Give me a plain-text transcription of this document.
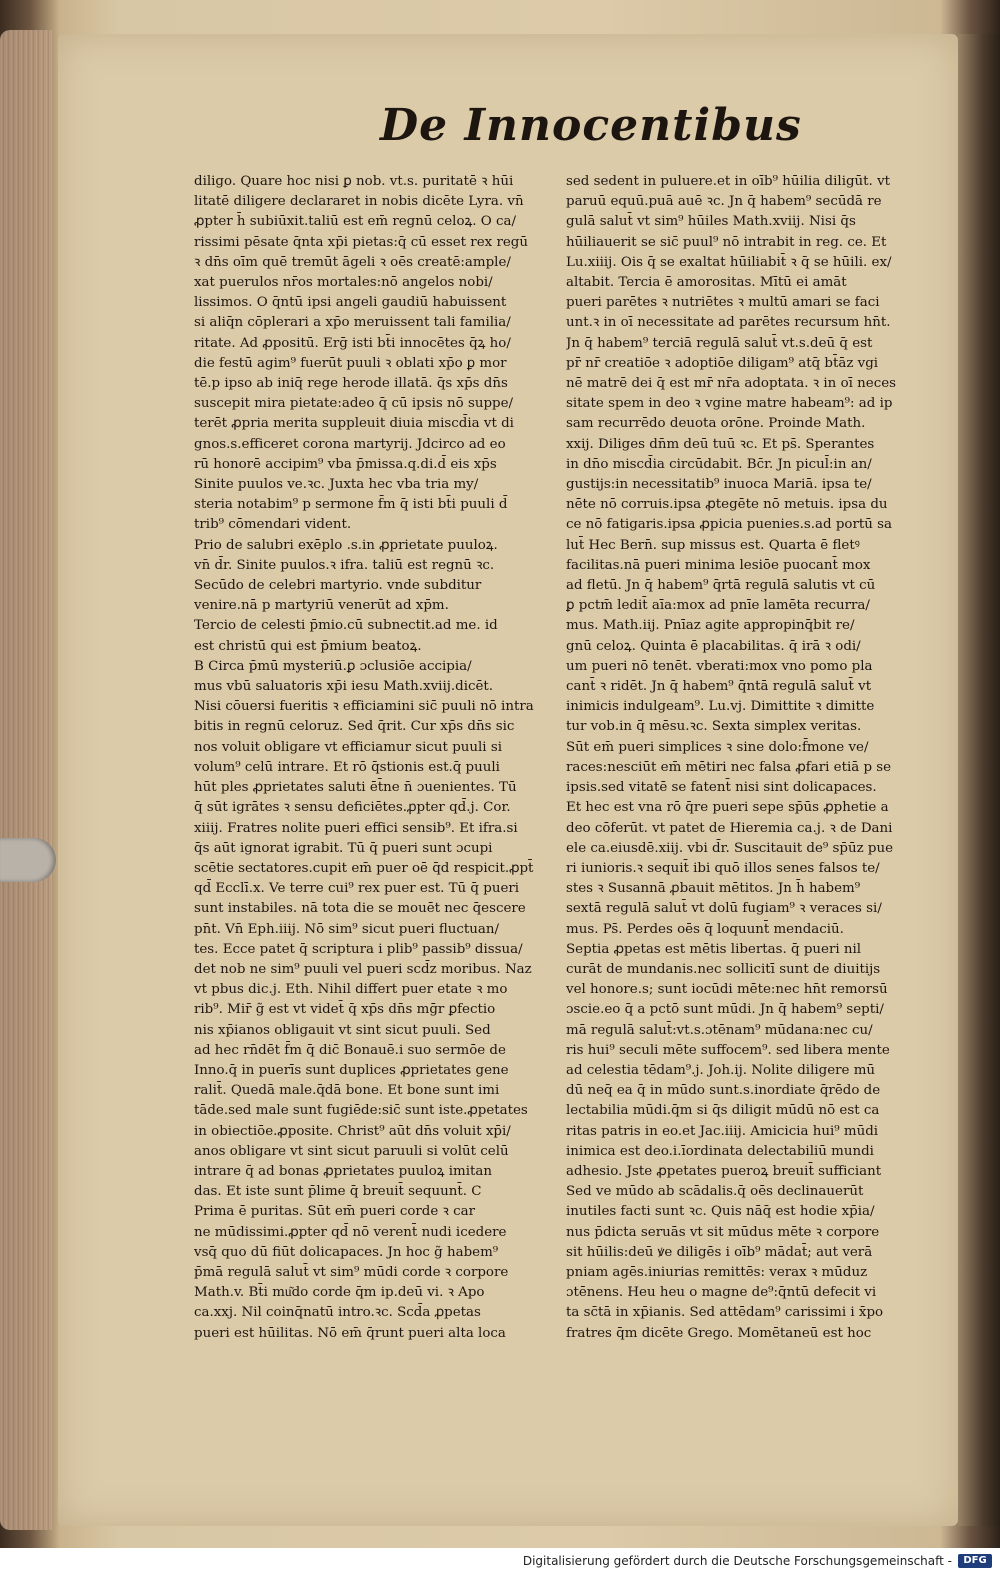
De Innocentibus
diligo. Quare hoc nisi ꝑ nob. vt.s. puritatē ꝛ hūi
litatē diligere declararet in nobis dicēte Lyra. vn̄
ꝓpter h̄ subiūxit.taliū est em̄ regnū celoꝝ. O ca/
rissimi pēsate q̄nta xp̄i pietas:q̄ cū esset rex regū
ꝛ dn̄s oīm quē tremūt āgeli ꝛ oēs creatē:ample/
xat puerulos nr̄os mortales:nō angelos nobi/
lissimos. O q̄ntū ipsi angeli gaudiū habuissent
si aliq̄n cōplerari a xp̄o meruissent tali familia/
ritate. Ad ꝓpositū. Erḡ isti bt̄i innocētes q̄ꝝ ho/
die festū agim⁹ fuerūt puuli ꝛ oblati xp̄o ꝑ mor
tē.p ipso ab iniq̄ rege herode illatā. q̄s xp̄s dn̄s
suscepit mira pietate:adeo q̄ cū ipsis nō suppe/
terēt ꝓpria merita suppleuit diuia miscd̄ia vt di
gnos.s.efficeret corona martyrij. Jdcirco ad eo
rū honorē accipim⁹ vba p̄missa.q.di.d̄ eis xp̄s
Sinite puulos ve.ꝛc. Juxta hec vba tria my/
steria notabim⁹ p sermone f̄m q̄ isti bt̄i puuli d̄
trib⁹ cōmendari vident.
Prio de salubri exēplo .s.in ꝓprietate puuloꝝ.
vn̄ d̄r. Sinite puulos.ꝛ ifra. taliū est regnū ꝛc.
Secūdo de celebri martyrio. vnde subditur
venire.nā p martyriū venerūt ad xp̄m.
Tercio de celesti p̄mio.cū subnectit.ad me. id
est christū qui est p̄mium beatoꝝ.
B Circa p̄mū mysteriū.ꝑ ɔclusiōe accipia/
mus vbū saluatoris xp̄i iesu Math.xviij.dicēt.
Nisi cōuersi fueritis ꝛ efficiamini sic̄ puuli nō intra
bitis in regnū celoruz. Sed q̄rit. Cur xp̄s dn̄s sic
nos voluit obligare vt efficiamur sicut puuli si
volum⁹ celū intrare. Et rō q̄stionis est.q̄ puuli
hūt ples ꝓprietates saluti ēt̄ne n̄ ɔuenientes. Tū
q̄ sūt igrātes ꝛ sensu deficiētes.ꝓpter qd̄.j. Cor.
xiiij. Fratres nolite pueri effici sensib⁹. Et ifra.si
q̄s aūt ignorat igrabit. Tū q̄ pueri sunt ɔcupi
scētie sectatores.cupit em̄ puer oē q̄d respicit.ꝓpt̄
qd̄ Ecclī.x. Ve terre cui⁹ rex puer est. Tū q̄ pueri
sunt instabiles. nā tota die se mouēt nec q̄escere
pn̄t. Vn̄ Eph.iiij. Nō sim⁹ sicut pueri fluctuan/
tes. Ecce patet q̄ scriptura i plib⁹ passib⁹ dissua/
det nob ne sim⁹ puuli vel pueri scd̄z moribus. Naz
vt pbus dic.j. Eth. Nihil differt puer etate ꝛ mo
rib⁹. Mir̄ g̃ est vt videt̄ q̄ xp̄s dn̄s mḡr ꝑfectio
nis xp̄ianos obligauit vt sint sicut puuli. Sed
ad hec rn̄dēt f̄m q̄ dic̄ Bonauē.i suo sermōe de
Inno.q̄ in puerīs sunt duplices ꝓprietates gene
ralit̄. Quedā male.q̄dā bone. Et bone sunt imi
tāde.sed male sunt fugiēde:sic̄ sunt iste.ꝓpetates
in obiectiōe.ꝓposite. Christ⁹ aūt dn̄s voluit xp̄i/
anos obligare vt sint sicut paruuli si volūt celū
intrare q̄ ad bonas ꝓprietates puuloꝝ imitan
das. Et iste sunt p̄lime q̄ breuit̄ sequunt̄. C
Prima ē puritas. Sūt em̄ pueri corde ꝛ car
ne mūdissimi.ꝓpter qd̄ nō verent̄ nudi icedere
vsq̄ quo dū fiūt dolicapaces. Jn hoc g̃ habem⁹
p̄mā regulā salut̄ vt sim⁹ mūdi corde ꝛ corpore
Math.v. Bt̄i mu͂do corde q̄m ip.deū vi. ꝛ Apo
ca.xxj. Nil coinq̄natū intro.ꝛc. Scd̄a ꝓpetas
pueri est hūilitas. Nō em̄ q̄runt pueri alta loca
sed sedent in puluere.et in oīb⁹ hūilia diligūt. vt
paruū equū.puā auē ꝛc. Jn q̄ habem⁹ secūdā re
gulā salut̄ vt sim⁹ hūiles Math.xviij. Nisi q̄s
hūiliauerit se sic̄ puul⁹ nō intrabit in reg. ce. Et
Lu.xiiij. Ois q̄ se exaltat hūiliabit̄ ꝛ q̄ se hūili. ex/
altabit. Tercia ē amorositas. Mītū ei amāt
pueri parētes ꝛ nutriētes ꝛ multū amari se faci
unt.ꝛ in oī necessitate ad parētes recursum hn̄t.
Jn q̄ habem⁹ terciā regulā salut̄ vt.s.deū q̄ est
pr̄ nr̄ creatiōe ꝛ adoptiōe diligam⁹ atq̄ bt̄āz vgi
nē matrē dei q̄ est mr̄ nr̄a adoptata. ꝛ in oī neces
sitate spem in deo ꝛ vgine matre habeam⁹: ad ip
sam recurrēdo deuota orōne. Proinde Math.
xxij. Diliges dn̄m deū tuū ꝛc. Et ps̄. Sperantes
in dn̄o miscd̄ia circūdabit. Bc̄r. Jn picul̄:in an/
gustijs:in necessitatib⁹ inuoca Mariā. ipsa te/
nēte nō corruis.ipsa ꝓtegēte nō metuis. ipsa du
ce nō fatigaris.ipsa ꝓpicia puenies.s.ad portū sa
lut̄ Hec Bern̄. sup missus est. Quarta ē fletꝰ
facilitas.nā pueri minima lesiōe puocant̄ mox
ad fletū. Jn q̄ habem⁹ q̄rtā regulā salutis vt cū
ꝑ pctm̄ ledit̄ aīa:mox ad pnīe lamēta recurra/
mus. Math.iij. Pnīaz agite appropinq̄bit re/
gnū celoꝝ. Quinta ē placabilitas. q̄ irā ꝛ odi/
um pueri nō tenēt. vberati:mox vno pomo pla
cant̄ ꝛ ridēt. Jn q̄ habem⁹ q̄ntā regulā salut̄ vt
inimicis indulgeam⁹. Lu.vj. Dimittite ꝛ dimitte
tur vob.in q̄ mēsu.ꝛc. Sexta simplex veritas.
Sūt em̄ pueri simplices ꝛ sine dolo:f̄mone ve/
races:nesciūt em̄ mētiri nec falsa ꝓfari etiā p se
ipsis.sed vitatē se fatent̄ nisi sint dolicapaces.
Et hec est vna rō q̄re pueri sepe sp̄ūs ꝓphetie a
deo cōferūt. vt patet de Hieremia ca.j. ꝛ de Dani
ele ca.eiusdē.xiij. vbi d̄r. Suscitauit de⁹ sp̄ūz pue
ri iunioris.ꝛ sequit̄ ibi quō illos senes falsos te/
stes ꝛ Susannā ꝓbauit mētitos. Jn h̄ habem⁹
sextā regulā salut̄ vt dolū fugiam⁹ ꝛ veraces si/
mus. Ps̄. Perdes oēs q̄ loquunt̄ mendaciū.
Septia ꝓpetas est mētis libertas. q̄ pueri nil
curāt de mundanis.nec sollicitī sunt de diuitijs
vel honore.s; sunt iocūdi mēte:nec hn̄t remorsū
ɔscie.eo q̄ a pctō sunt mūdi. Jn q̄ habem⁹ septi/
mā regulā salut̄:vt.s.ɔtēnam⁹ mūdana:nec cu/
ris hui⁹ seculi mēte suffocem⁹. sed libera mente
ad celestia tēdam⁹.j. Joh.ij. Nolite diligere mū
dū neq̄ ea q̄ in mūdo sunt.s.inordiate q̄rēdo de
lectabilia mūdi.q̄m si q̄s diligit mūdū nō est ca
ritas patris in eo.et Jac.iiij. Amicicia hui⁹ mūdi
inimica est deo.i.īordinata delectabiliū mundi
adhesio. Jste ꝓpetates pueroꝝ breuit̄ sufficiant
Sed ve mūdo ab scādalis.q̄ oēs declinauerūt
inutiles facti sunt ꝛc. Quis nāq̄ est hodie xp̄ia/
nus p̄dicta seruās vt sit mūdus mēte ꝛ corpore
sit hūilis:deū ꝟe diligēs i oīb⁹ mādat̄; aut verā
pniam agēs.iniurias remittēs: verax ꝛ mūduz
ɔtēnens. Heu heu o magne de⁹:q̄ntū defecit vi
ta sc̄tā in xp̄ianis. Sed attēdam⁹ carissimi i x̄po
fratres q̄m dicēte Grego. Momētaneū est hoc
Digitalisierung gefördert durch die Deutsche Forschungsgemeinschaft -	DFG
